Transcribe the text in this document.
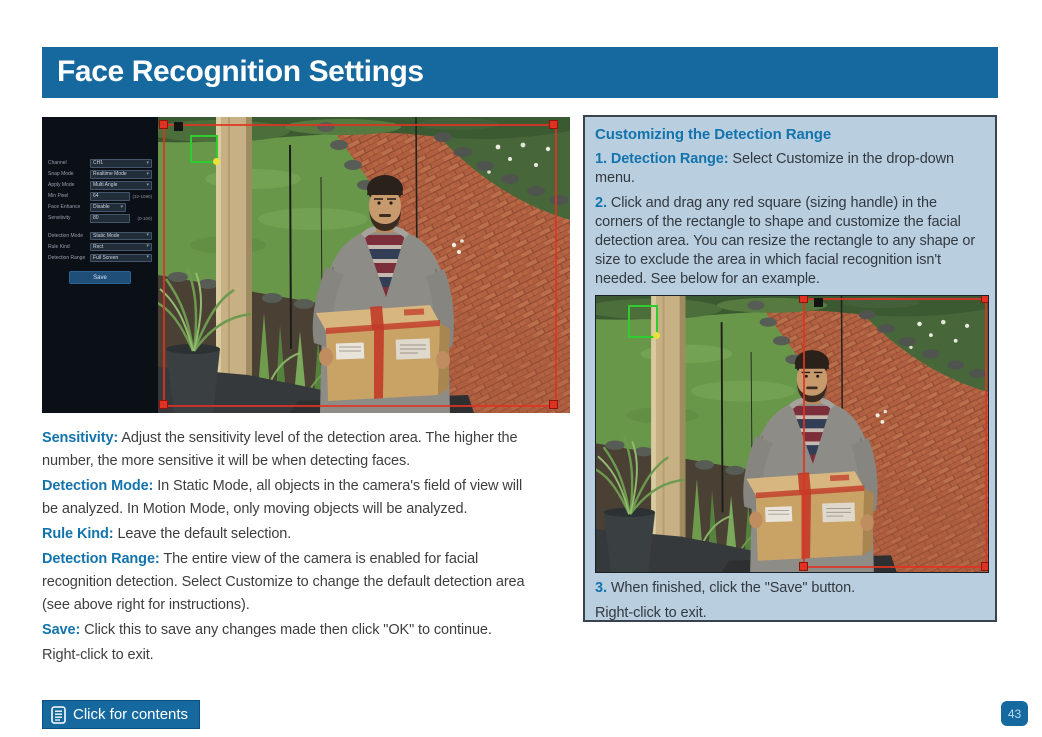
Face Recognition Settings
Channel	CH1	▾
Snap Mode	Realtime Mode	▾
Apply Mode	Multi Angle	▾
Min Pixel	64	(32-1080)
Face Enhance	Disable ▾
Sensitivity	80	(0-100)
Detection Mode	Static Mode	▾
Rule Kind	Rect	▾
Detection Range	Full Screen	▾
Save

Sensitivity: Adjust the sensitivity level of the detection area. The higher the number, the more sensitive it will be when detecting faces.

Detection Mode: In Static Mode, all objects in the camera's field of view will be analyzed. In Motion Mode, only moving objects will be analyzed.

Rule Kind: Leave the default selection.

Detection Range: The entire view of the camera is enabled for facial recognition detection. Select Customize to change the default detection area (see above right for instructions).

Save: Click this to save any changes made then click "OK" to continue.

Right-click to exit.

Customizing the Detection Range

1. Detection Range: Select Customize in the drop-down menu.

2. Click and drag any red square (sizing handle) in the corners of the rectangle to shape and customize the facial detection area. You can resize the rectangle to any shape or size to exclude the area in which facial recognition isn't needed. See below for an example.

3. When finished, click the "Save" button.

Right-click to exit.

Click for contents	43
